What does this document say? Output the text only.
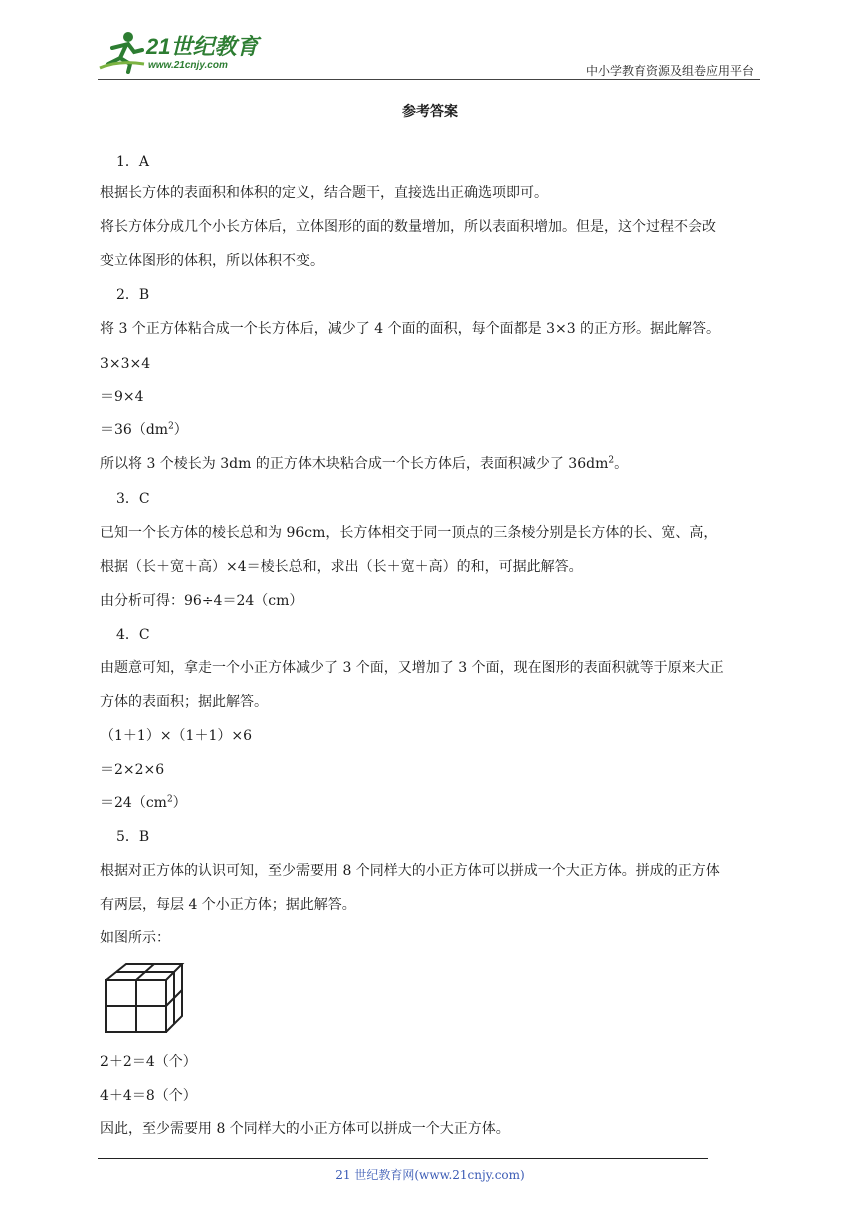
21世纪教育
www.21cnjy.com	中小学教育资源及组卷应用平台
参考答案
1．A
根据长方体的表面积和体积的定义，结合题干，直接选出正确选项即可。
将长方体分成几个小长方体后，立体图形的面的数量增加，所以表面积增加。但是，这个过程不会改
变立体图形的体积，所以体积不变。
2．B
将 3 个正方体粘合成一个长方体后，减少了 4 个面的面积，每个面都是 3×3 的正方形。据此解答。
3×3×4
＝9×4
$=36(dm^2)$
所以将 3 个棱长为 3dm 的正方体木块粘合成一个长方体后，表面积减少了 $36dm^2$。
3．C
已知一个长方体的棱长总和为 96cm，长方体相交于同一顶点的三条棱分别是长方体的长、宽、高，
根据（长＋宽＋高）×4＝棱长总和，求出（长＋宽＋高）的和，可据此解答。
由分析可得：96÷4＝24（cm）
4．C
由题意可知，拿走一个小正方体减少了 3 个面，又增加了 3 个面，现在图形的表面积就等于原来大正
方体的表面积；据此解答。
（1＋1）×（1＋1）×6
＝2×2×6
$=24(cm^2)$
5．B
根据对正方体的认识可知，至少需要用 8 个同样大的小正方体可以拼成一个大正方体。拼成的正方体
有两层，每层 4 个小正方体；据此解答。
如图所示：
2＋2＝4（个）
4＋4＝8（个）
因此，至少需要用 8 个同样大的小正方体可以拼成一个大正方体。
21 世纪教育网(www.21cnjy.com)
